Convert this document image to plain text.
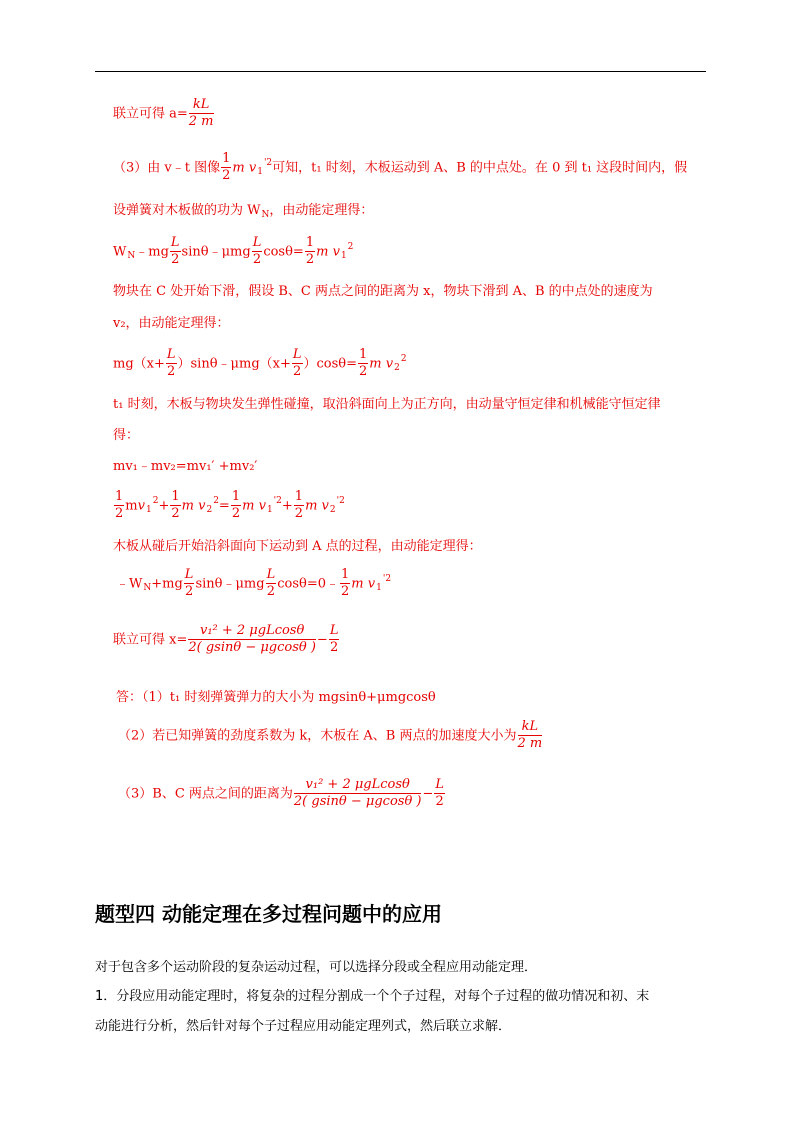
联立可得 $a= \frac{kL}{2 m}$
（3）由 v﹣t 图像 $\frac{1}{2}$ m $v_1^{'2}$可知，t₁ 时刻，木板运动到 A、B 的中点处。在 0 到 t₁ 这段时间内，假
设弹簧对木板做的功为 $W_N$，由动能定理得：
$W_N﹣mg \frac{L}{2}$ sinθ﹣μmg $\frac{L}{2} \cos\theta= \frac{1}{2}$ m $v_1^2$
物块在 C 处开始下滑，假设 B、C 两点之间的距离为 x，物块下滑到 A、B 的中点处的速度为
v₂，由动能定理得：
$mg(x+ \frac{L}{2}$ ）sinθ﹣μmg（x+ $\frac{L}{2} )\cos\theta= \frac{1}{2}$ m $v_2^2$
t₁ 时刻，木板与物块发生弹性碰撞，取沿斜面向上为正方向，由动量守恒定律和机械能守恒定律
得：
mv₁﹣mv₂=mv₁′ +mv₂′
$\frac{1}{2} mv_1^2+ \frac{1}{2}$ m $v_2^2= \frac{1}{2}$ m $v_1^{'2}+ \frac{1}{2}$ m $v_2^{'2}$
木板从碰后开始沿斜面向下运动到 A 点的过程，由动能定理得：
$﹣W_N+mg \frac{L}{2}$ sinθ﹣μmg $\frac{L}{2}$ cosθ=0﹣ $\frac{1}{2}$ m $v_1^{'2}$
联立可得 $x= \frac{\text{v₁² + 2 μgLcosθ}}{2( gsin\theta - \mu gcos\theta )} - \frac{L}{2}$
答：（1）t₁ 时刻弹簧弹力的大小为 mgsinθ+μmgcosθ
（2）若已知弹簧的劲度系数为 k，木板在 A、B 两点的加速度大小为 $\frac{kL}{2 m}$
（3）B、C 两点之间的距离为 $\frac{\text{v₁² + 2 μgLcosθ}}{2( gsin\theta - \mu gcos\theta )} - \frac{L}{2}$
题型四 动能定理在多过程问题中的应用
对于包含多个运动阶段的复杂运动过程，可以选择分段或全程应用动能定理．
1．分段应用动能定理时，将复杂的过程分割成一个个子过程，对每个子过程的做功情况和初、末
动能进行分析，然后针对每个子过程应用动能定理列式，然后联立求解．
